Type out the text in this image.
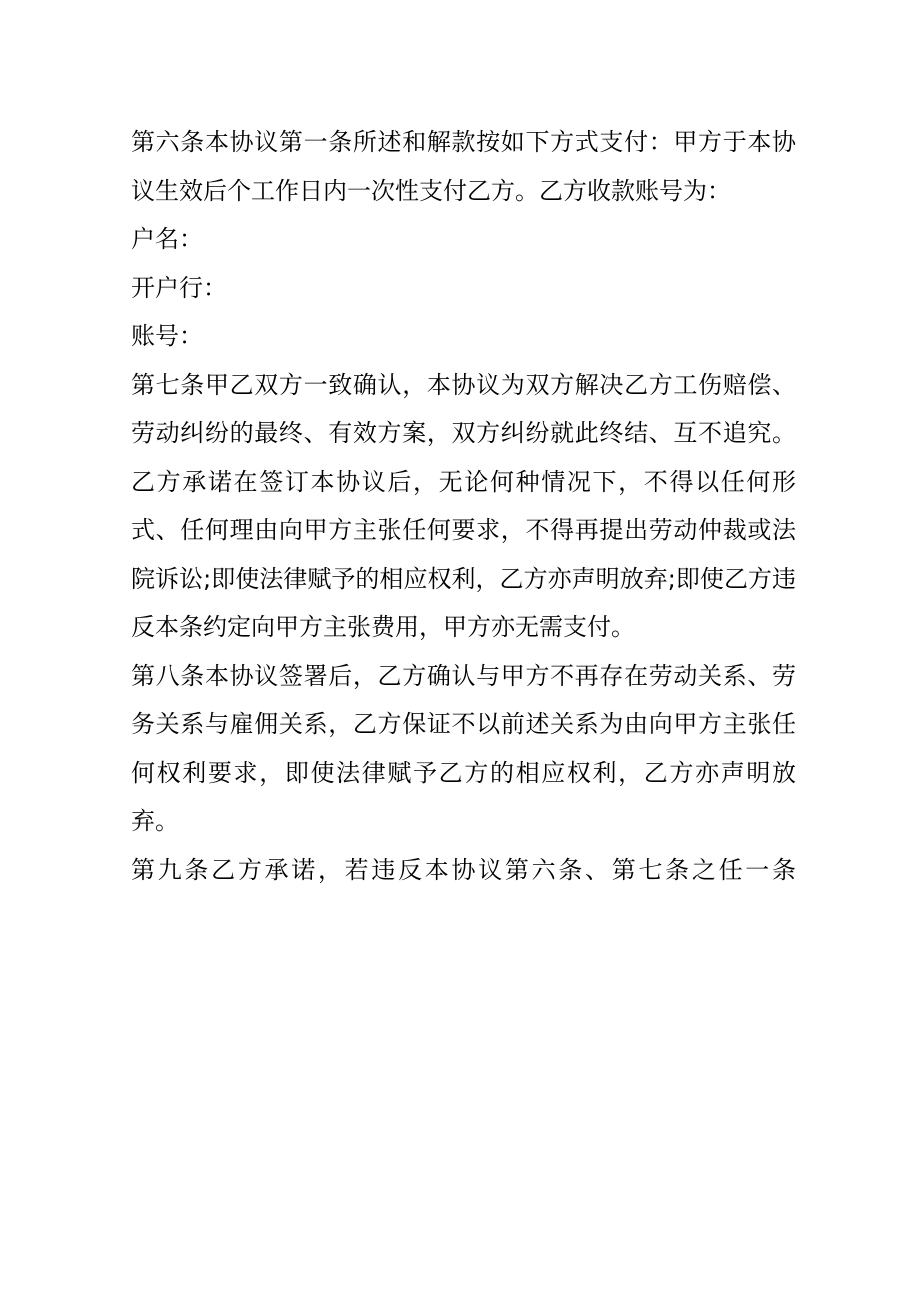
第六条本协议第一条所述和解款按如下方式支付：甲方于本协议生效后个工作日内一次性支付乙方。乙方收款账号为：

户名：

开户行：

账号：

第七条甲乙双方一致确认，本协议为双方解决乙方工伤赔偿、劳动纠纷的最终、有效方案，双方纠纷就此终结、互不追究。乙方承诺在签订本协议后，无论何种情况下，不得以任何形式、任何理由向甲方主张任何要求，不得再提出劳动仲裁或法院诉讼;即使法律赋予的相应权利，乙方亦声明放弃;即使乙方违反本条约定向甲方主张费用，甲方亦无需支付。

第八条本协议签署后，乙方确认与甲方不再存在劳动关系、劳务关系与雇佣关系，乙方保证不以前述关系为由向甲方主张任何权利要求，即使法律赋予乙方的相应权利，乙方亦声明放弃。

第九条乙方承诺，若违反本协议第六条、第七条之任一条
